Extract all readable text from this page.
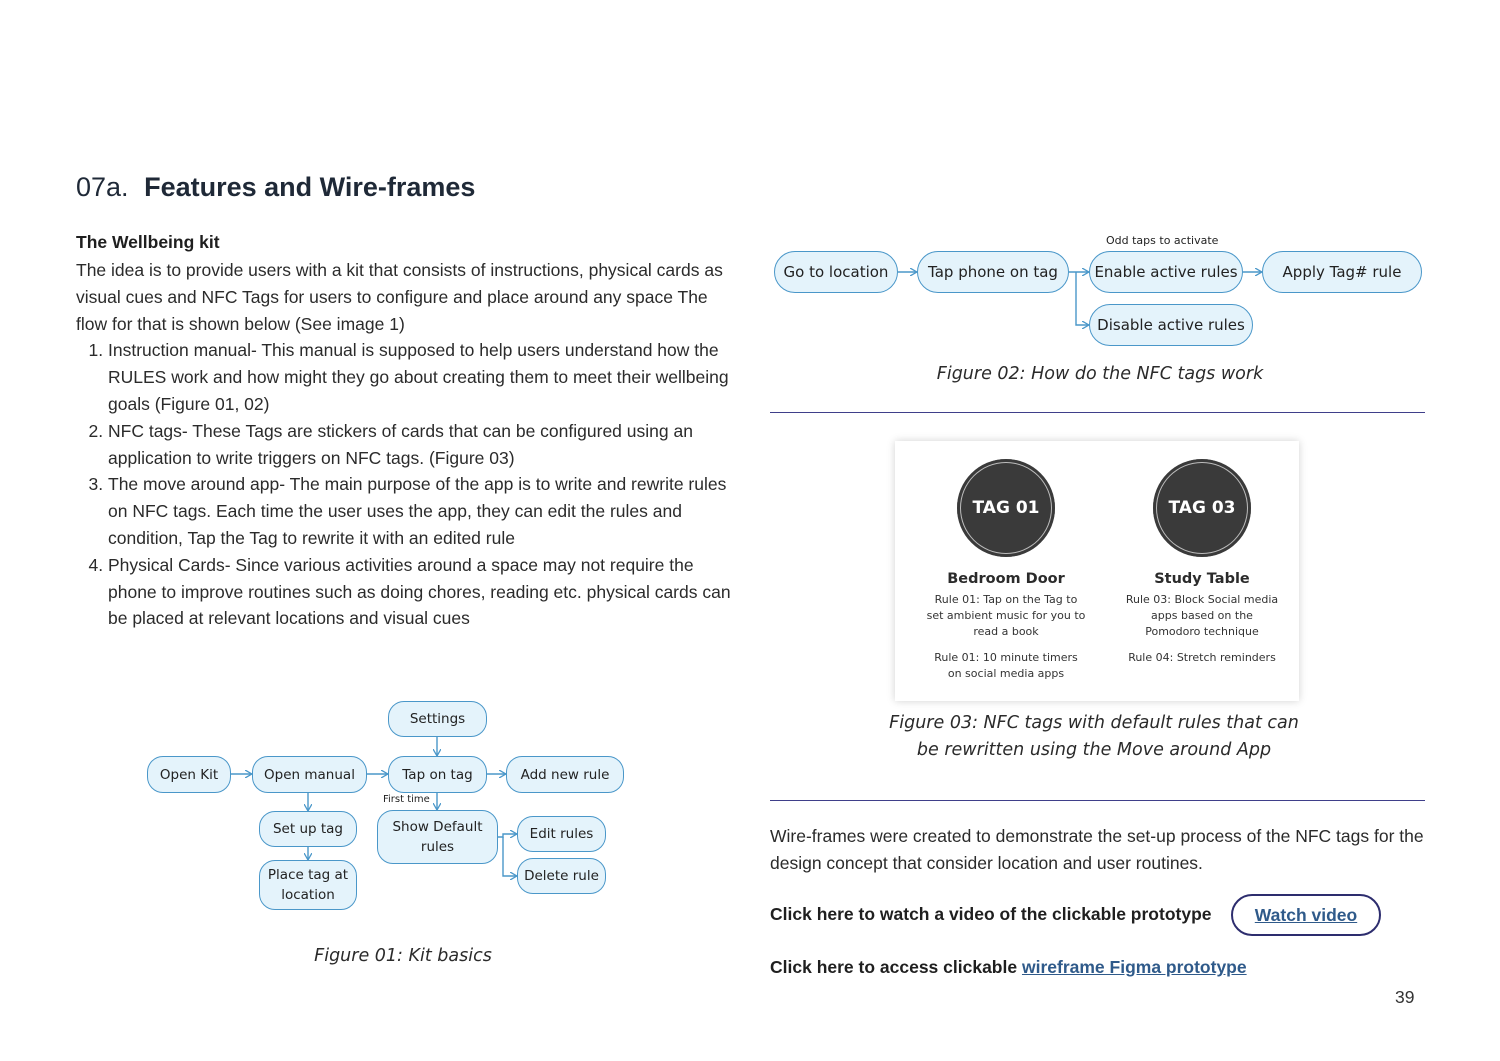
07a. Features and Wire-frames
The Wellbeing kit
The idea is to provide users with a kit that consists of instructions, physical cards as visual cues and NFC Tags for users to configure and place around any space The flow for that is shown below (See image 1)
1. Instruction manual- This manual is supposed to help users understand how the RULES work and how might they go about creating them to meet their wellbeing goals (Figure 01, 02)
2. NFC tags- These Tags are stickers of cards that can be configured using an application to write triggers on NFC tags. (Figure 03)
3. The move around app- The main purpose of the app is to write and rewrite rules on NFC tags. Each time the user uses the app, they can edit the rules and condition, Tap the Tag to rewrite it with an edited rule
4. Physical Cards- Since various activities around a space may not require the phone to improve routines such as doing chores, reading etc. physical cards can be placed at relevant locations and visual cues
Open Kit	Open manual
Settings
Tap on tag	Add new rule
Set up tag
Place tag at location
Show Default rules
Edit rules
Delete rule
First time
Figure 01: Kit basics
Go to location	Tap phone on tag	Enable active rules	Apply Tag# rule
Disable active rules
Odd taps to activate
Figure 02: How do the NFC tags work
TAG 01	TAG 03
Bedroom Door	Study Table
Rule 01: Tap on the Tag to set ambient music for you to read a book
Rule 03: Block Social media apps based on the Pomodoro technique
Rule 01: 10 minute timers on social media apps
Rule 04: Stretch reminders
Figure 03: NFC tags with default rules that can be rewritten using the Move around App
Wire-frames were created to demonstrate the set-up process of the NFC tags for the design concept that consider location and user routines.
Click here to watch a video of the clickable prototype	Watch video
Click here to access clickable wireframe Figma prototype
39
